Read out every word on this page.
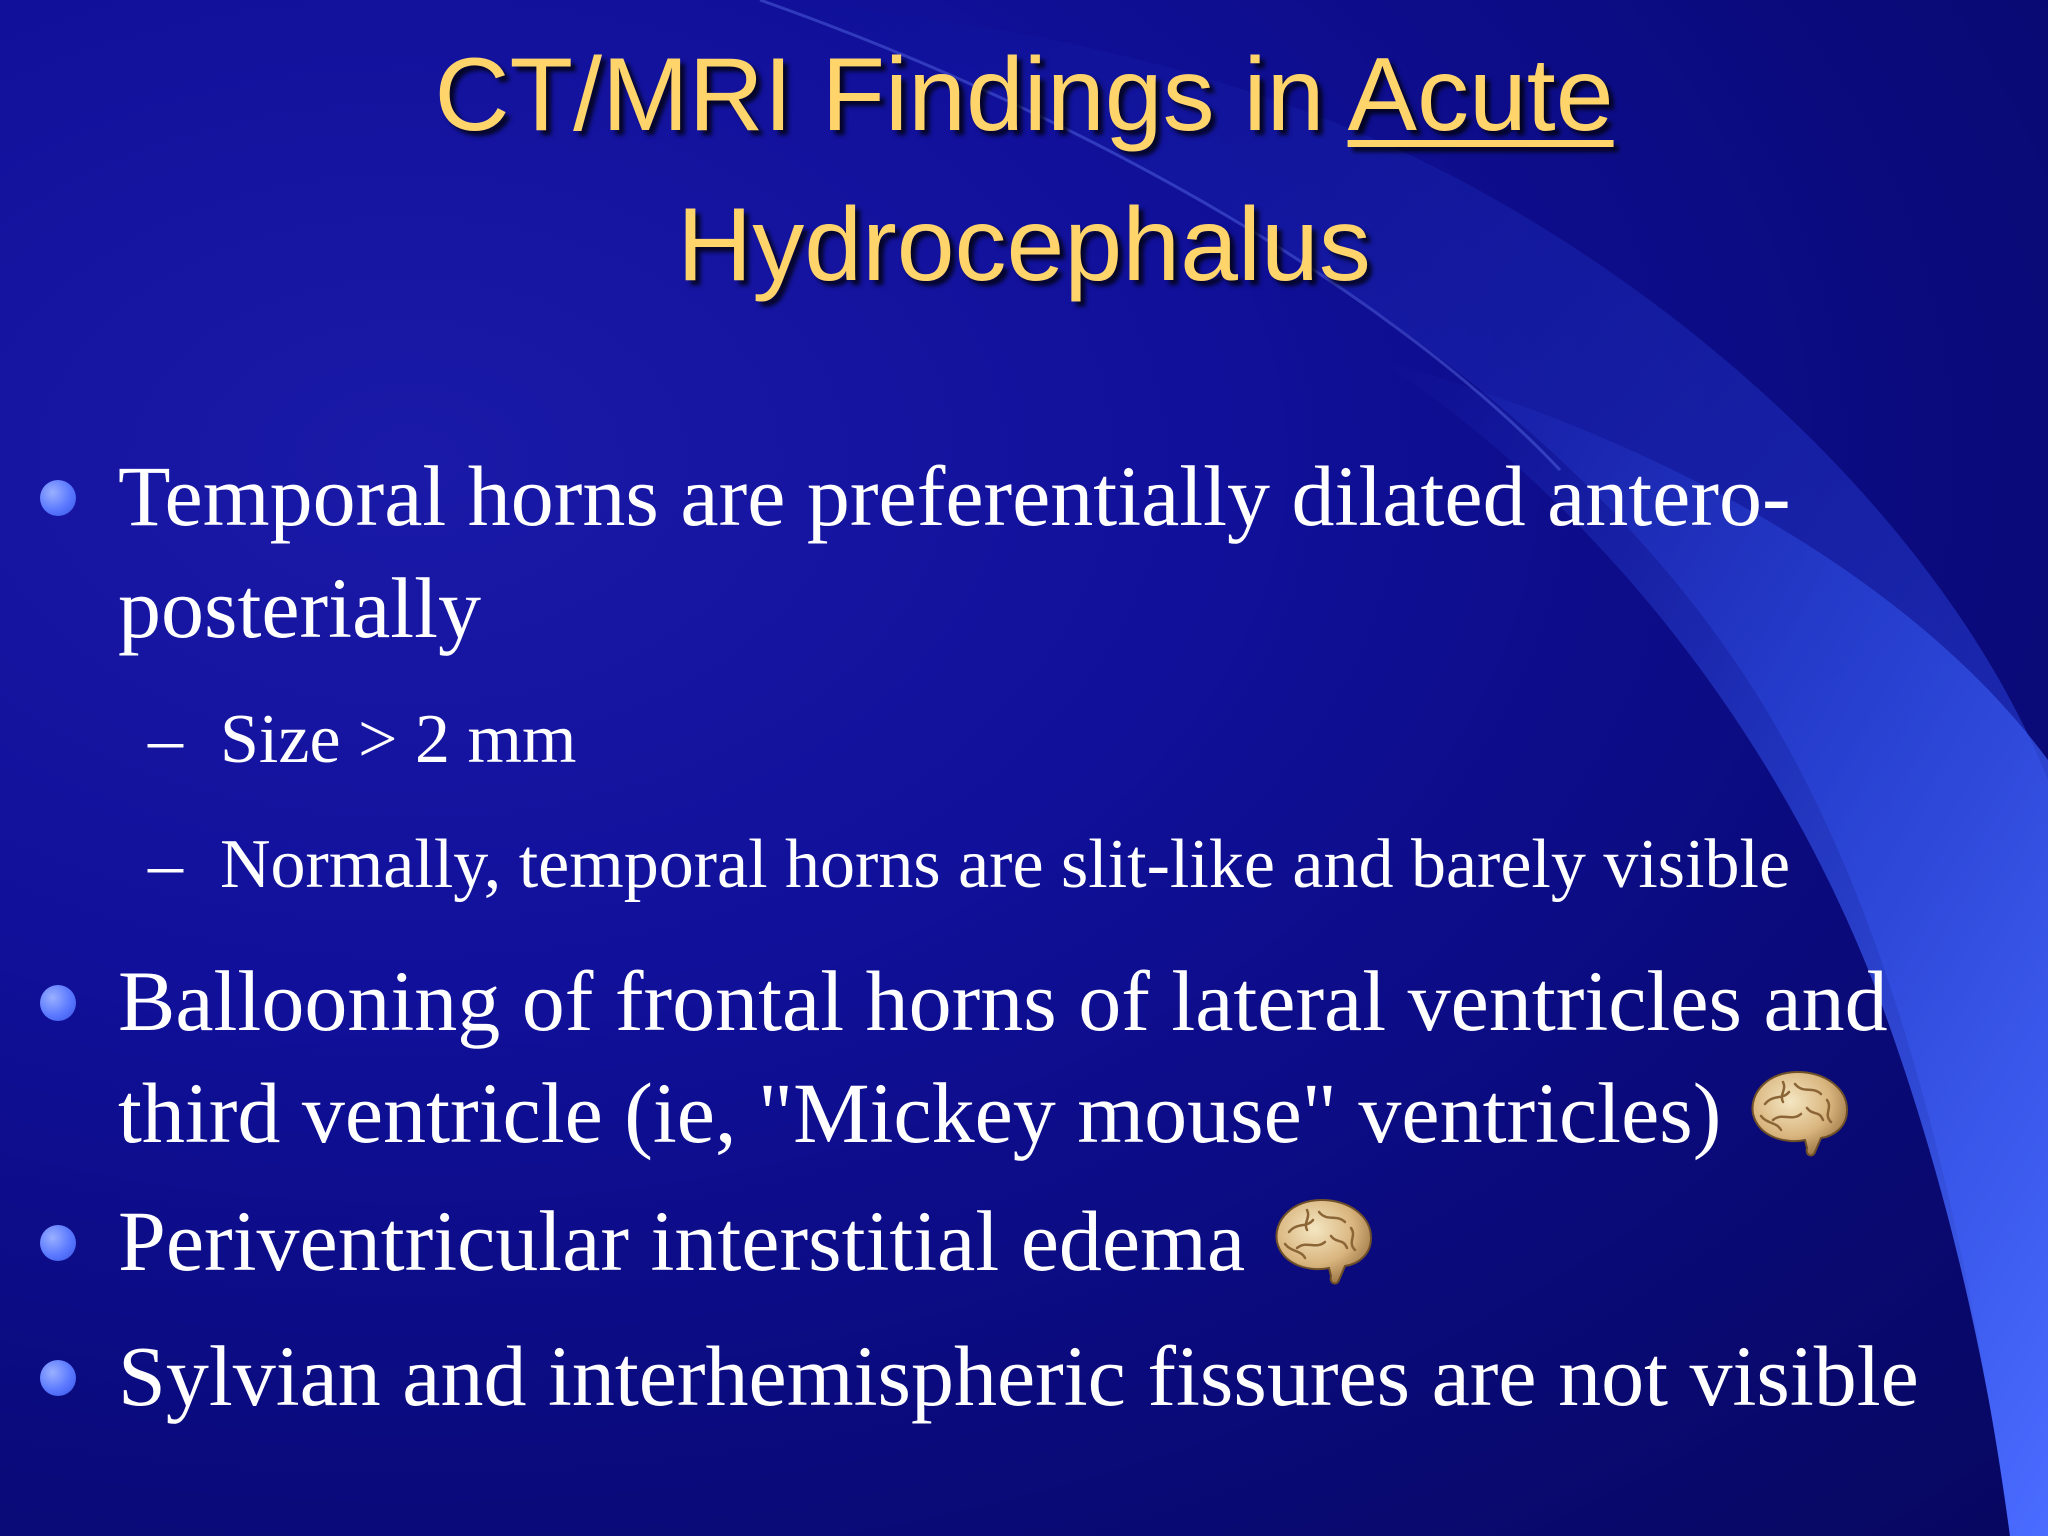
CT/MRI Findings in Acute
Hydrocephalus
Temporal horns are preferentially dilated antero-posterially
– Size > 2 mm
– Normally, temporal horns are slit-like and barely visible
Ballooning of frontal horns of lateral ventricles and third ventricle (ie, "Mickey mouse" ventricles)
Periventricular interstitial edema
Sylvian and interhemispheric fissures are not visible
